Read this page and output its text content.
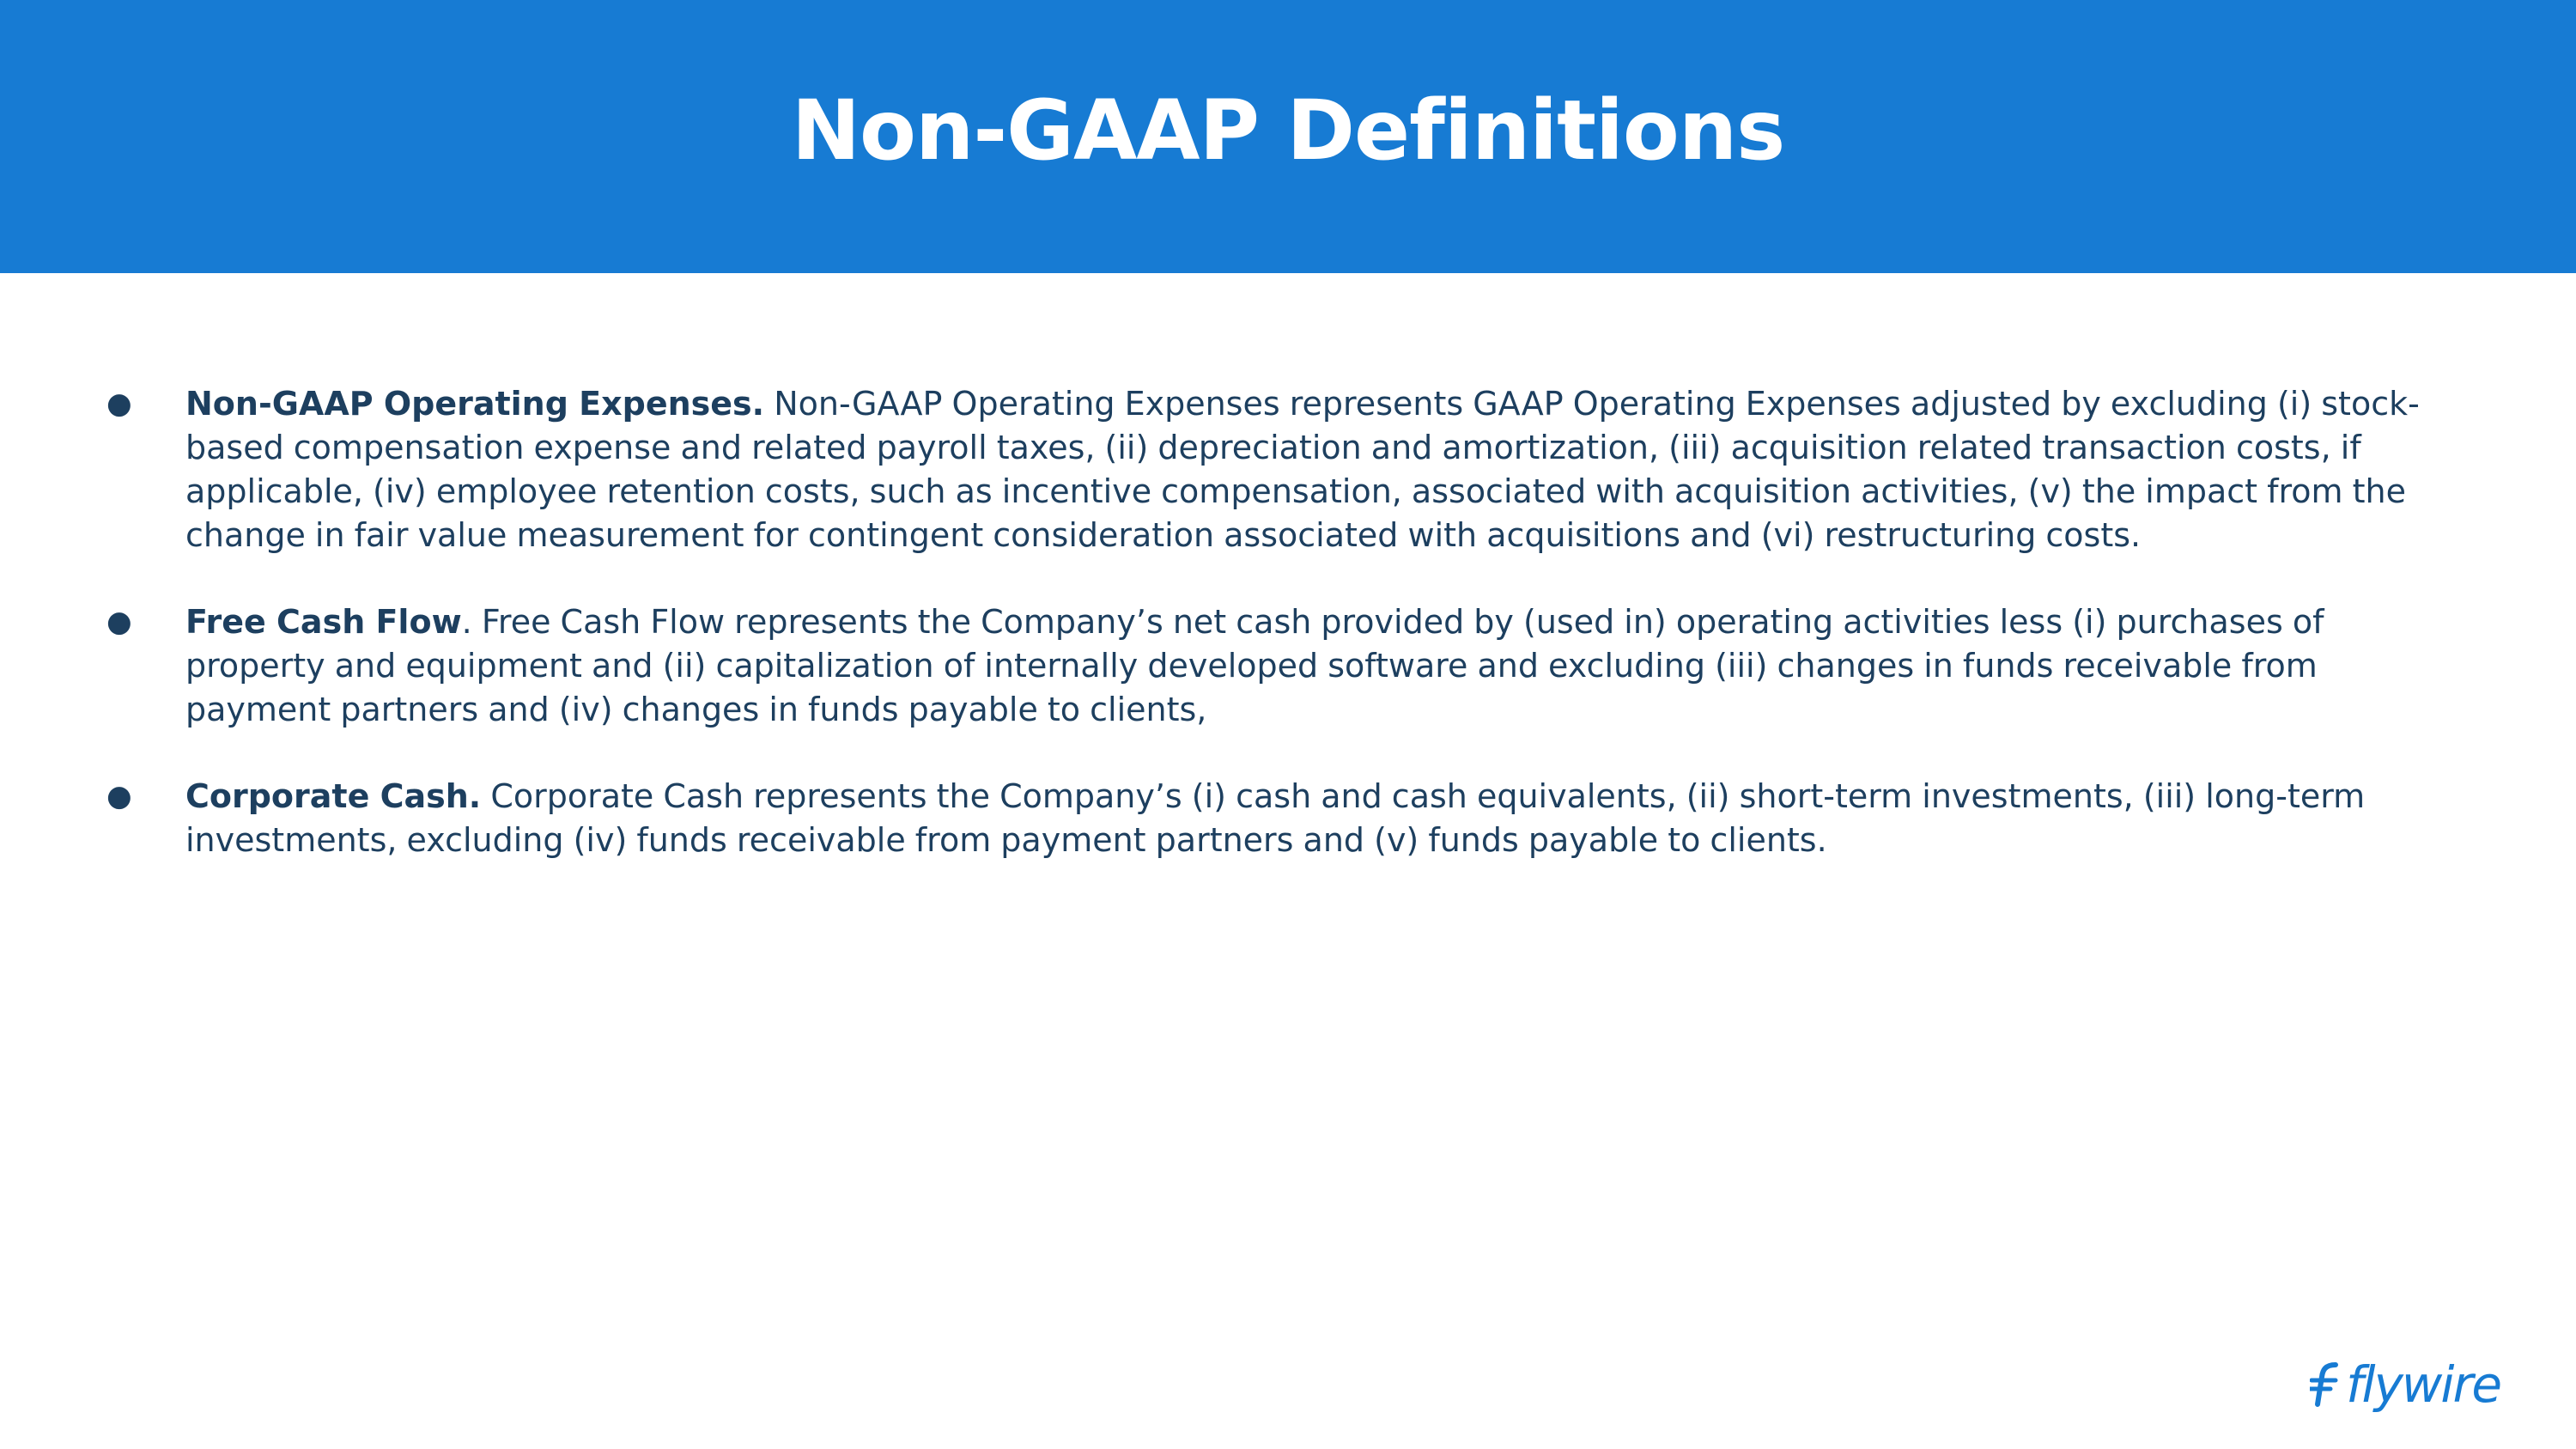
Non-GAAP Definitions
● Non-GAAP Operating Expenses. Non-GAAP Operating Expenses represents GAAP Operating Expenses adjusted by excluding (i) stock-based compensation expense and related payroll taxes, (ii) depreciation and amortization, (iii) acquisition related transaction costs, if applicable, (iv) employee retention costs, such as incentive compensation, associated with acquisition activities, (v) the impact from the change in fair value measurement for contingent consideration associated with acquisitions and (vi) restructuring costs.
● Free Cash Flow. Free Cash Flow represents the Company’s net cash provided by (used in) operating activities less (i) purchases of property and equipment and (ii) capitalization of internally developed software and excluding (iii) changes in funds receivable from payment partners and (iv) changes in funds payable to clients,
● Corporate Cash. Corporate Cash represents the Company’s (i) cash and cash equivalents, (ii) short-term investments, (iii) long-term investments, excluding (iv) funds receivable from payment partners and (v) funds payable to clients.
flywire
